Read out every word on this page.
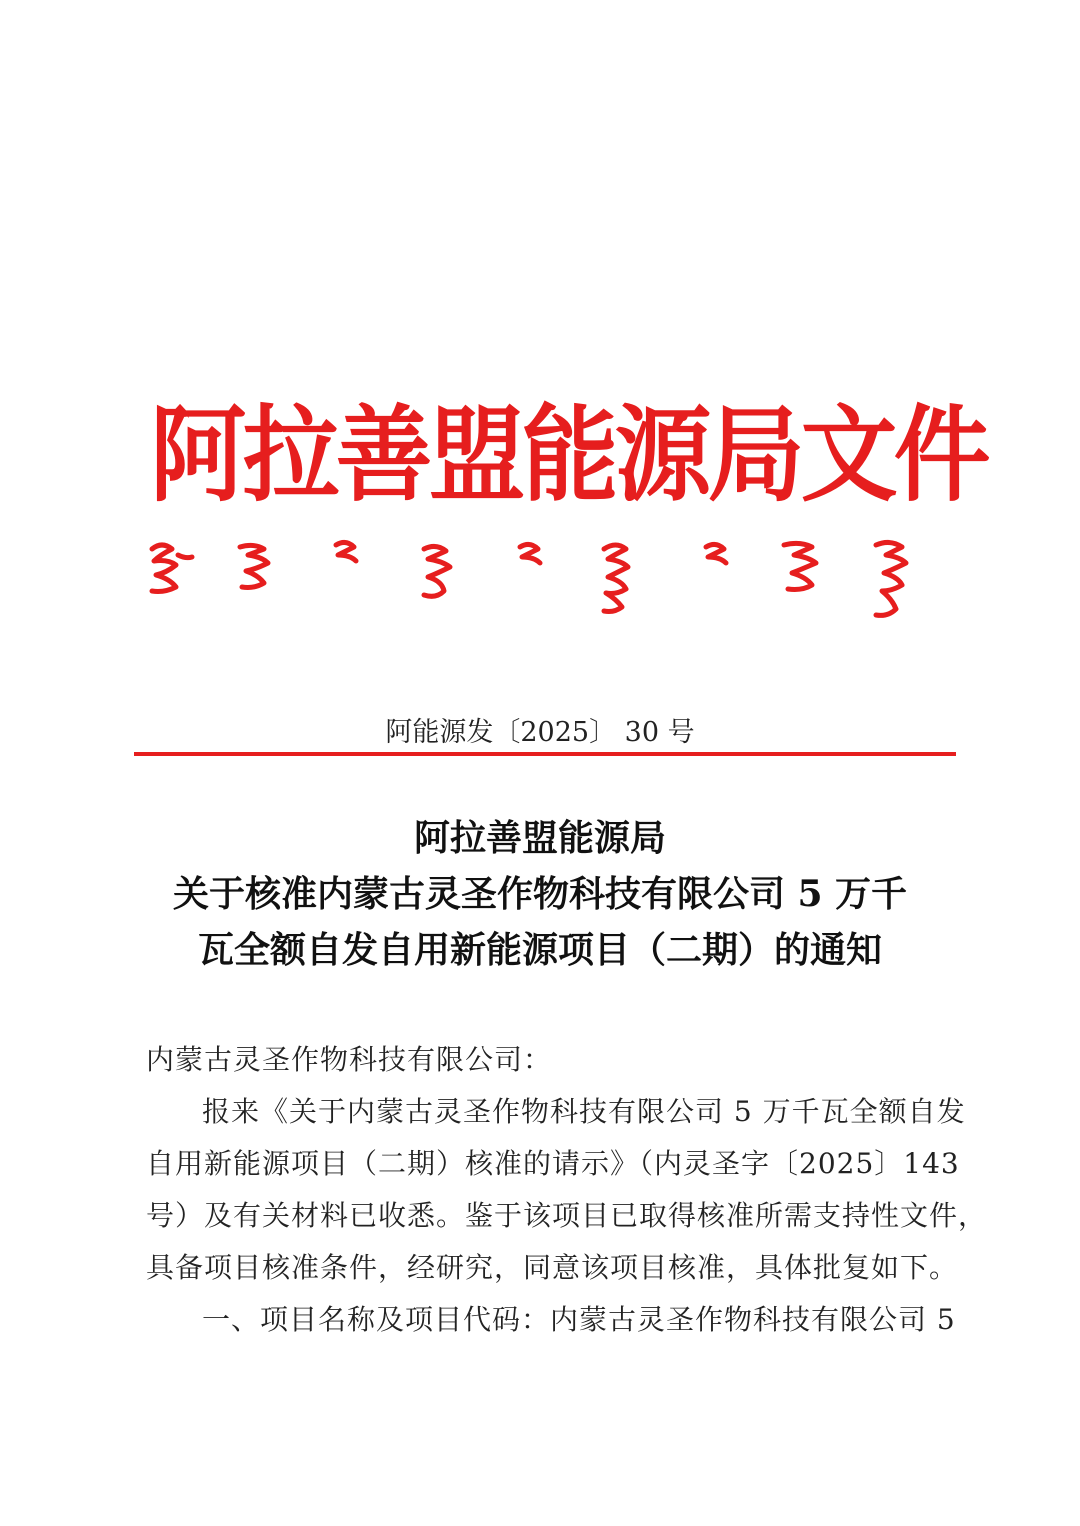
阿拉善盟能源局文件
阿能源发〔2025〕 30 号
阿拉善盟能源局
关于核准内蒙古灵圣作物科技有限公司 5 万千
瓦全额自发自用新能源项目（二期）的通知
内蒙古灵圣作物科技有限公司：
报来《关于内蒙古灵圣作物科技有限公司 5 万千瓦全额自发
自用新能源项目（二期）核准的请示》（内灵圣字〔2025〕143
号）及有关材料已收悉。鉴于该项目已取得核准所需支持性文件，
具备项目核准条件，经研究，同意该项目核准，具体批复如下。
一、项目名称及项目代码：内蒙古灵圣作物科技有限公司 5
